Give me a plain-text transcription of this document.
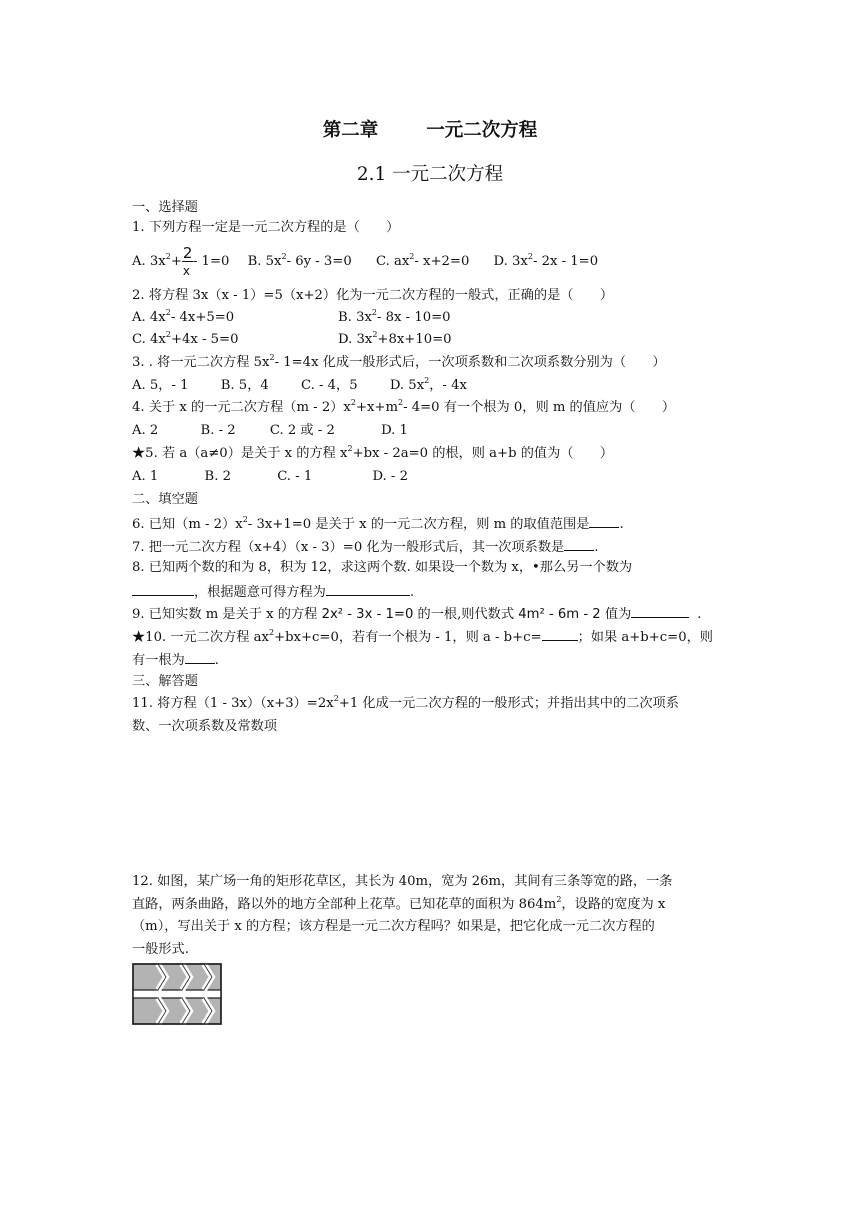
第二章	一元二次方程
2.1 一元二次方程
一、选择题
1. 下列方程一定是一元二次方程的是（　　）
A. $3x^2+ \frac{2}{x} - 1=0$ B. $5x^2-$ 6y - 3=0 C. $ax^2-$ x+2=0 D. $3x^2-$ 2x - 1=0
2. 将方程 3x（x - 1）=5（x+2）化为一元二次方程的一般式，正确的是（　　）
A. $4x^2-$ 4x+5=0	B. $3x^2-$ 8x - 10=0
C. $4x^2+4x - 5=0$	D. $3x^2+8x+10=0$
3. . 将一元二次方程 $5x^2-$ 1=4x 化成一般形式后，一次项系数和二次项系数分别为（　　）
A. 5，- 1 B. 5，4 C. - 4，5 D. $5x^2$，- 4x
4. 关于 x 的一元二次方程$(m - 2)x^2+x+m^2-$ 4=0 有一个根为 0，则 m 的值应为（　　）
A. 2	B. - 2	C. 2 或 - 2	D. 1
★5. 若 a（a≠0）是关于 x 的方程 $x^2+bx - 2a=0$ 的根，则 a+b 的值为（　　）
A. 1	B. 2	C. - 1	D. - 2
二、填空题
6. 已知$(m - 2)x^2-$ 3x+1=0 是关于 x 的一元二次方程，则 m 的取值范围是 .
7. 把一元二次方程（x+4）（x - 3）=0 化为一般形式后，其一次项系数是 .
8. 已知两个数的和为 8，积为 12，求这两个数. 如果设一个数为 x，•那么另一个数为
，根据题意可得方程为	.
9. 已知实数 m 是关于 x 的方程 2x² - 3x - 1=0 的一根,则代数式 4m² - 6m - 2 值为	.
★10. 一元二次方程 $ax^2+bx+c=0$，若有一个根为 - 1，则 a - b+c=	；如果 a+b+c=0，则
有一根为 .
三、解答题
11. 将方程$(1 - 3x)(x+3)=2x^2+1$ 化成一元二次方程的一般形式；并指出其中的二次项系
数、一次项系数及常数项
12. 如图，某广场一角的矩形花草区，其长为 40m，宽为 26m，其间有三条等宽的路，一条
直路，两条曲路，路以外的地方全部种上花草。已知花草的面积为 $864m^2$，设路的宽度为 x
（m），写出关于 x 的方程；该方程是一元二次方程吗？如果是，把它化成一元二次方程的
一般形式.
